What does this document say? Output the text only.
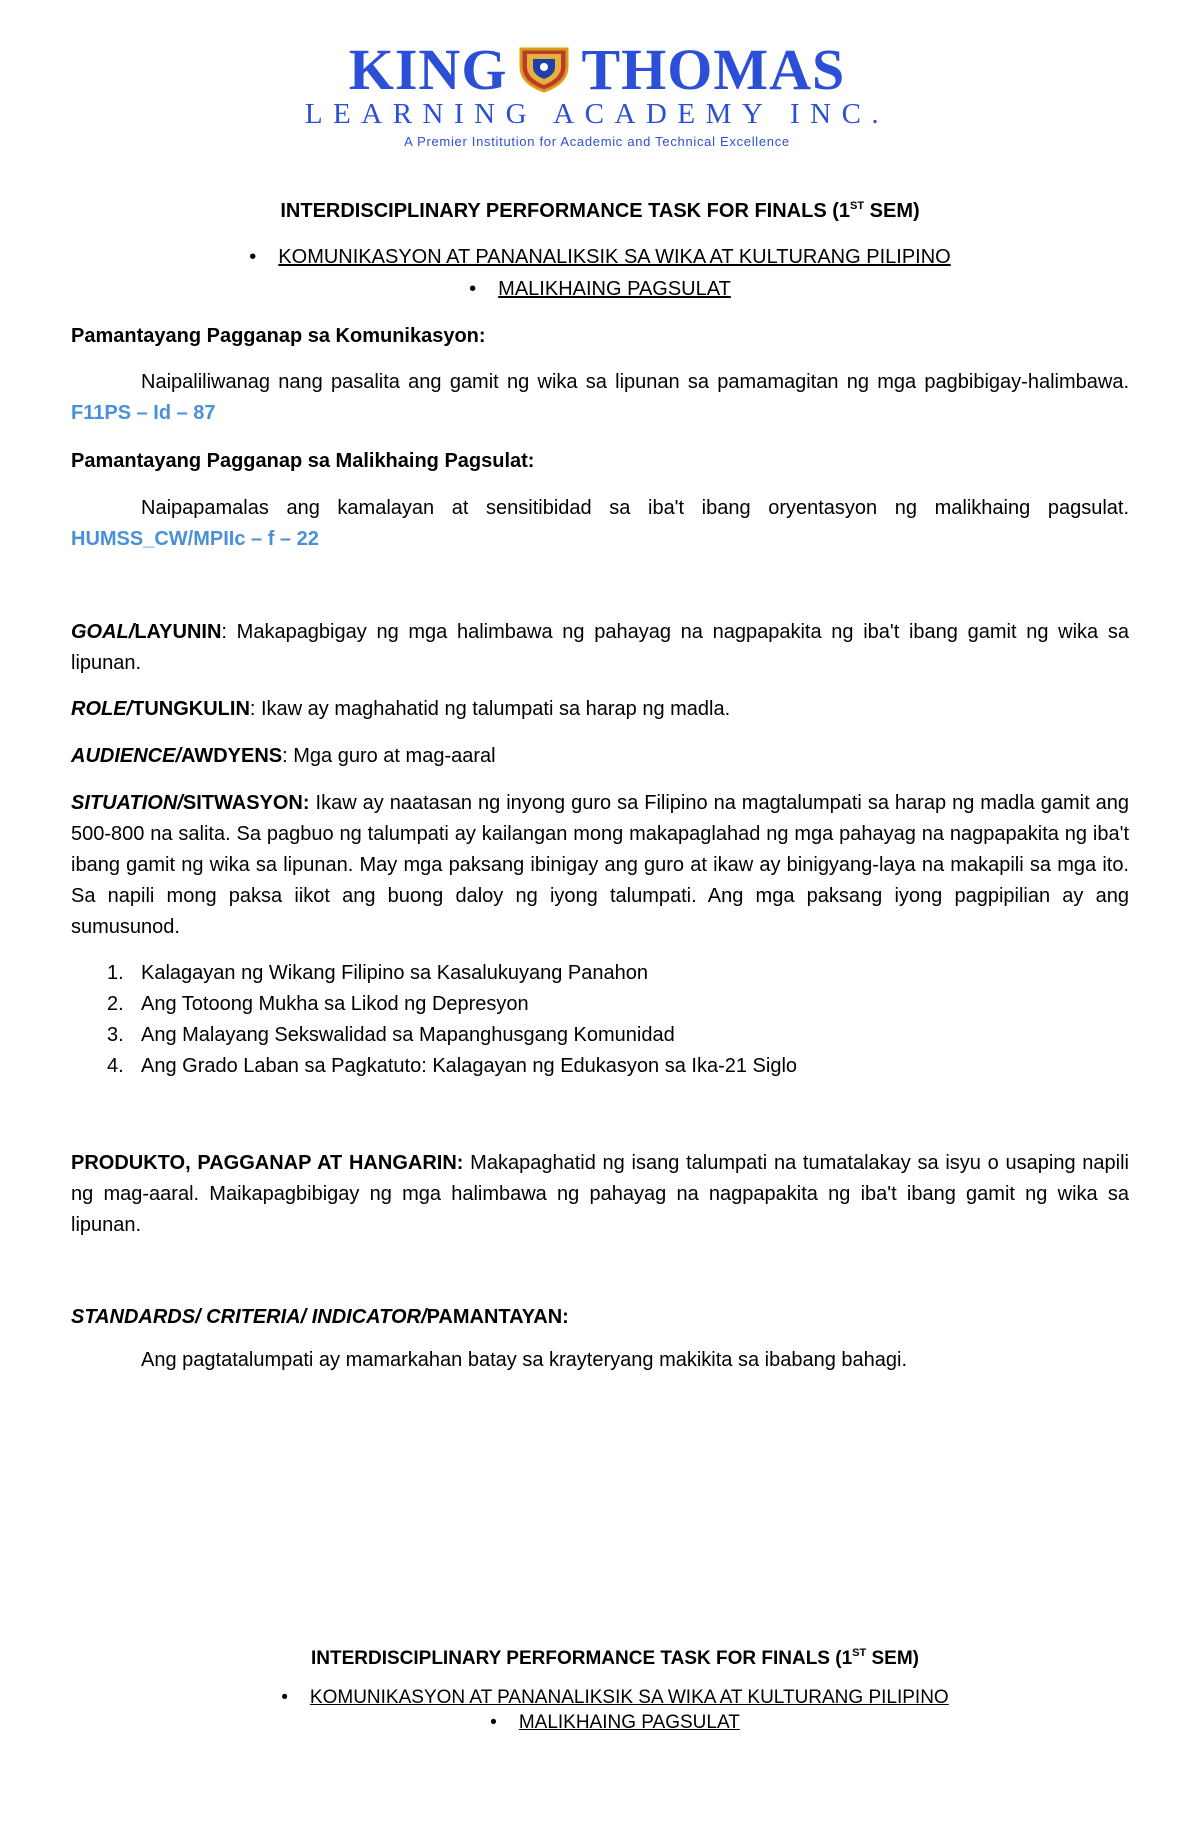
KING THOMAS
LEARNING ACADEMY INC.
A Premier Institution for Academic and Technical Excellence
INTERDISCIPLINARY PERFORMANCE TASK FOR FINALS (1ST SEM)
• KOMUNIKASYON AT PANANALIKSIK SA WIKA AT KULTURANG PILIPINO
• MALIKHAING PAGSULAT
Pamantayang Pagganap sa Komunikasyon:
Naipaliliwanag nang pasalita ang gamit ng wika sa lipunan sa pamamagitan ng mga pagbibigay-halimbawa. F11PS – Id – 87
Pamantayang Pagganap sa Malikhaing Pagsulat:
Naipapamalas ang kamalayan at sensitibidad sa iba't ibang oryentasyon ng malikhaing pagsulat. HUMSS_CW/MPIIc – f – 22
GOAL/LAYUNIN: Makapagbigay ng mga halimbawa ng pahayag na nagpapakita ng iba't ibang gamit ng wika sa lipunan.
ROLE/TUNGKULIN: Ikaw ay maghahatid ng talumpati sa harap ng madla.
AUDIENCE/AWDYENS: Mga guro at mag-aaral
SITUATION/SITWASYON: Ikaw ay naatasan ng inyong guro sa Filipino na magtalumpati sa harap ng madla gamit ang 500-800 na salita. Sa pagbuo ng talumpati ay kailangan mong makapaglahad ng mga pahayag na nagpapakita ng iba't ibang gamit ng wika sa lipunan. May mga paksang ibinigay ang guro at ikaw ay binigyang-laya na makapili sa mga ito. Sa napili mong paksa iikot ang buong daloy ng iyong talumpati. Ang mga paksang iyong pagpipilian ay ang sumusunod.
1. Kalagayan ng Wikang Filipino sa Kasalukuyang Panahon
2. Ang Totoong Mukha sa Likod ng Depresyon
3. Ang Malayang Sekswalidad sa Mapanghusgang Komunidad
4. Ang Grado Laban sa Pagkatuto: Kalagayan ng Edukasyon sa Ika-21 Siglo
PRODUKTO, PAGGANAP AT HANGARIN: Makapaghatid ng isang talumpati na tumatalakay sa isyu o usaping napili ng mag-aaral. Maikapagbibigay ng mga halimbawa ng pahayag na nagpapakita ng iba't ibang gamit ng wika sa lipunan.
STANDARDS/ CRITERIA/ INDICATOR/PAMANTAYAN:
Ang pagtatalumpati ay mamarkahan batay sa krayteryang makikita sa ibabang bahagi.
INTERDISCIPLINARY PERFORMANCE TASK FOR FINALS (1ST SEM)
• KOMUNIKASYON AT PANANALIKSIK SA WIKA AT KULTURANG PILIPINO
• MALIKHAING PAGSULAT
